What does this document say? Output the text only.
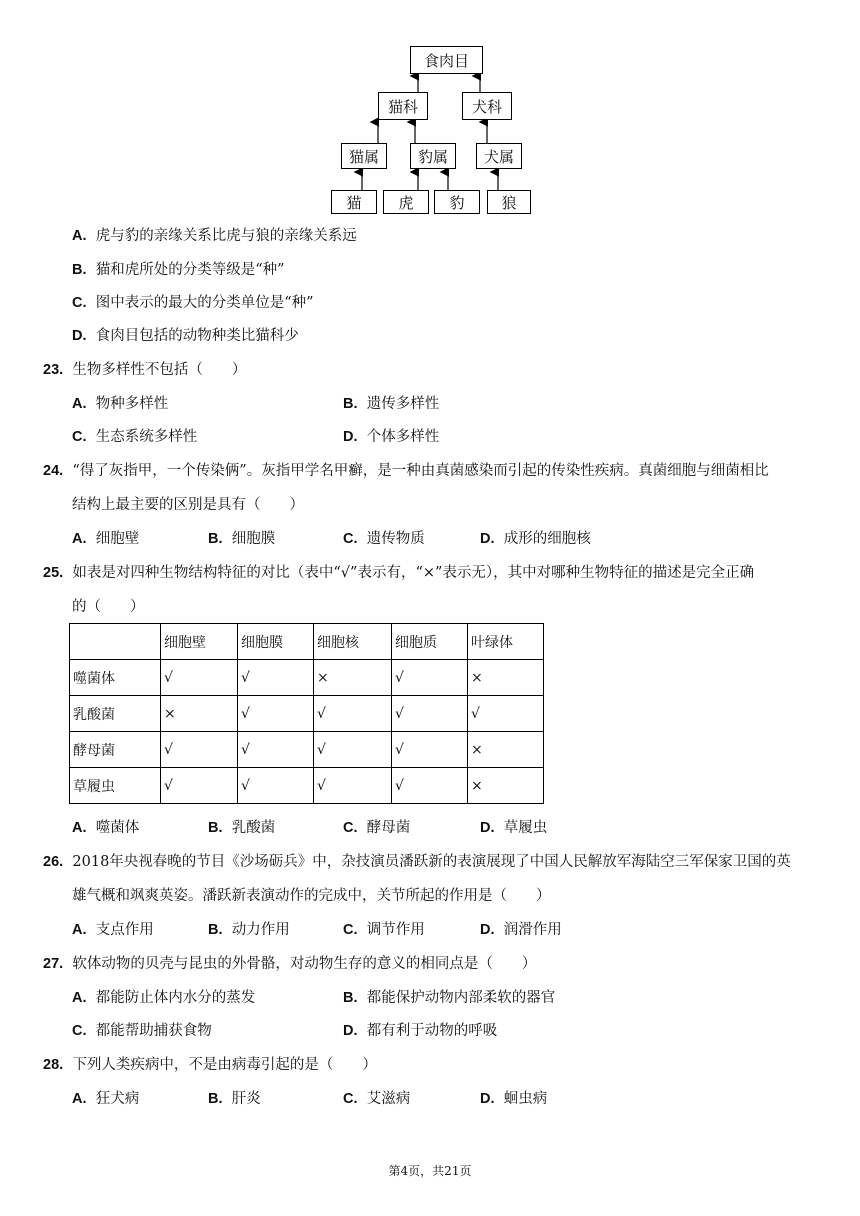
食肉目
猫科	犬科
猫属	豹属	犬属
猫	虎	豹	狼
A. 虎与豹的亲缘关系比虎与狼的亲缘关系远
B. 猫和虎所处的分类等级是“种”
C. 图中表示的最大的分类单位是“种”
D. 食肉目包括的动物种类比猫科少
23. 生物多样性不包括（　　）
A. 物种多样性	B. 遗传多样性
C. 生态系统多样性	D. 个体多样性
24. “得了灰指甲，一个传染俩”。灰指甲学名甲癣，是一种由真菌感染而引起的传染性疾病。真菌细胞与细菌相比
结构上最主要的区别是具有（　　）
A. 细胞壁	B. 细胞膜	C. 遗传物质	D. 成形的细胞核
25. 如表是对四种生物结构特征的对比（表中“√”表示有，“×”表示无），其中对哪种生物特征的描述是完全正确
的（　　）
	细胞壁	细胞膜	细胞核	细胞质	叶绿体
噬菌体	√	√	×	√	×
乳酸菌	×	√	√	√	√
酵母菌	√	√	√	√	×
草履虫	√	√	√	√	×
A. 噬菌体	B. 乳酸菌	C. 酵母菌	D. 草履虫
26. 2018年央视春晚的节目《沙场砺兵》中，杂技演员潘跃新的表演展现了中国人民解放军海陆空三军保家卫国的英
雄气概和飒爽英姿。潘跃新表演动作的完成中，关节所起的作用是（　　）
A. 支点作用	B. 动力作用	C. 调节作用	D. 润滑作用
27. 软体动物的贝壳与昆虫的外骨骼，对动物生存的意义的相同点是（　　）
A. 都能防止体内水分的蒸发	B. 都能保护动物内部柔软的器官
C. 都能帮助捕获食物	D. 都有利于动物的呼吸
28. 下列人类疾病中，不是由病毒引起的是（　　）
A. 狂犬病	B. 肝炎	C. 艾滋病	D. 蛔虫病
第4页，共21页
